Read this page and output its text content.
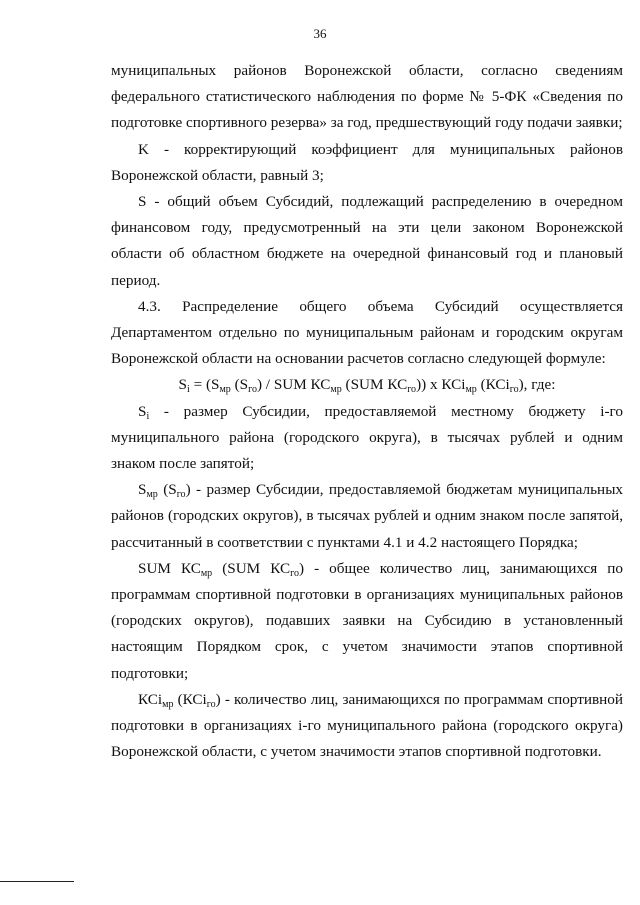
36

муниципальных районов Воронежской области, согласно сведениям федерального статистического наблюдения по форме № 5-ФК «Сведения по подготовке спортивного резерва» за год, предшествующий году подачи заявки;

K - корректирующий коэффициент для муниципальных районов Воронежской области, равный 3;

S - общий объем Субсидий, подлежащий распределению в очередном финансовом году, предусмотренный на эти цели законом Воронежской области об областном бюджете на очередной финансовый год и плановый период.

4.3. Распределение общего объема Субсидий осуществляется Департаментом отдельно по муниципальным районам и городским округам Воронежской области на основании расчетов согласно следующей формуле:

$S_i = (S_{мр}$ $(S_{го})$ / SUM $КС_{мр}$ (SUM $КС_{го}$)) x КСi$_{мр}$ (КСi$_{го}$), где:

$S_i$ - размер Субсидии, предоставляемой местному бюджету i-го муниципального района (городского округа), в тысячах рублей и одним знаком после запятой;

$S_{мр}$ $(S_{го})$ - размер Субсидии, предоставляемой бюджетам муниципальных районов (городских округов), в тысячах рублей и одним знаком после запятой, рассчитанный в соответствии с пунктами 4.1 и 4.2 настоящего Порядка;

SUM $КС_{мр}$ (SUM $КС_{го}$) - общее количество лиц, занимающихся по программам спортивной подготовки в организациях муниципальных районов (городских округов), подавших заявки на Субсидию в установленный настоящим Порядком срок, с учетом значимости этапов спортивной подготовки;

КСi$_{мр}$ (КСi$_{го}$) - количество лиц, занимающихся по программам спортивной подготовки в организациях i-го муниципального района (городского округа) Воронежской области, с учетом значимости этапов спортивной подготовки.
